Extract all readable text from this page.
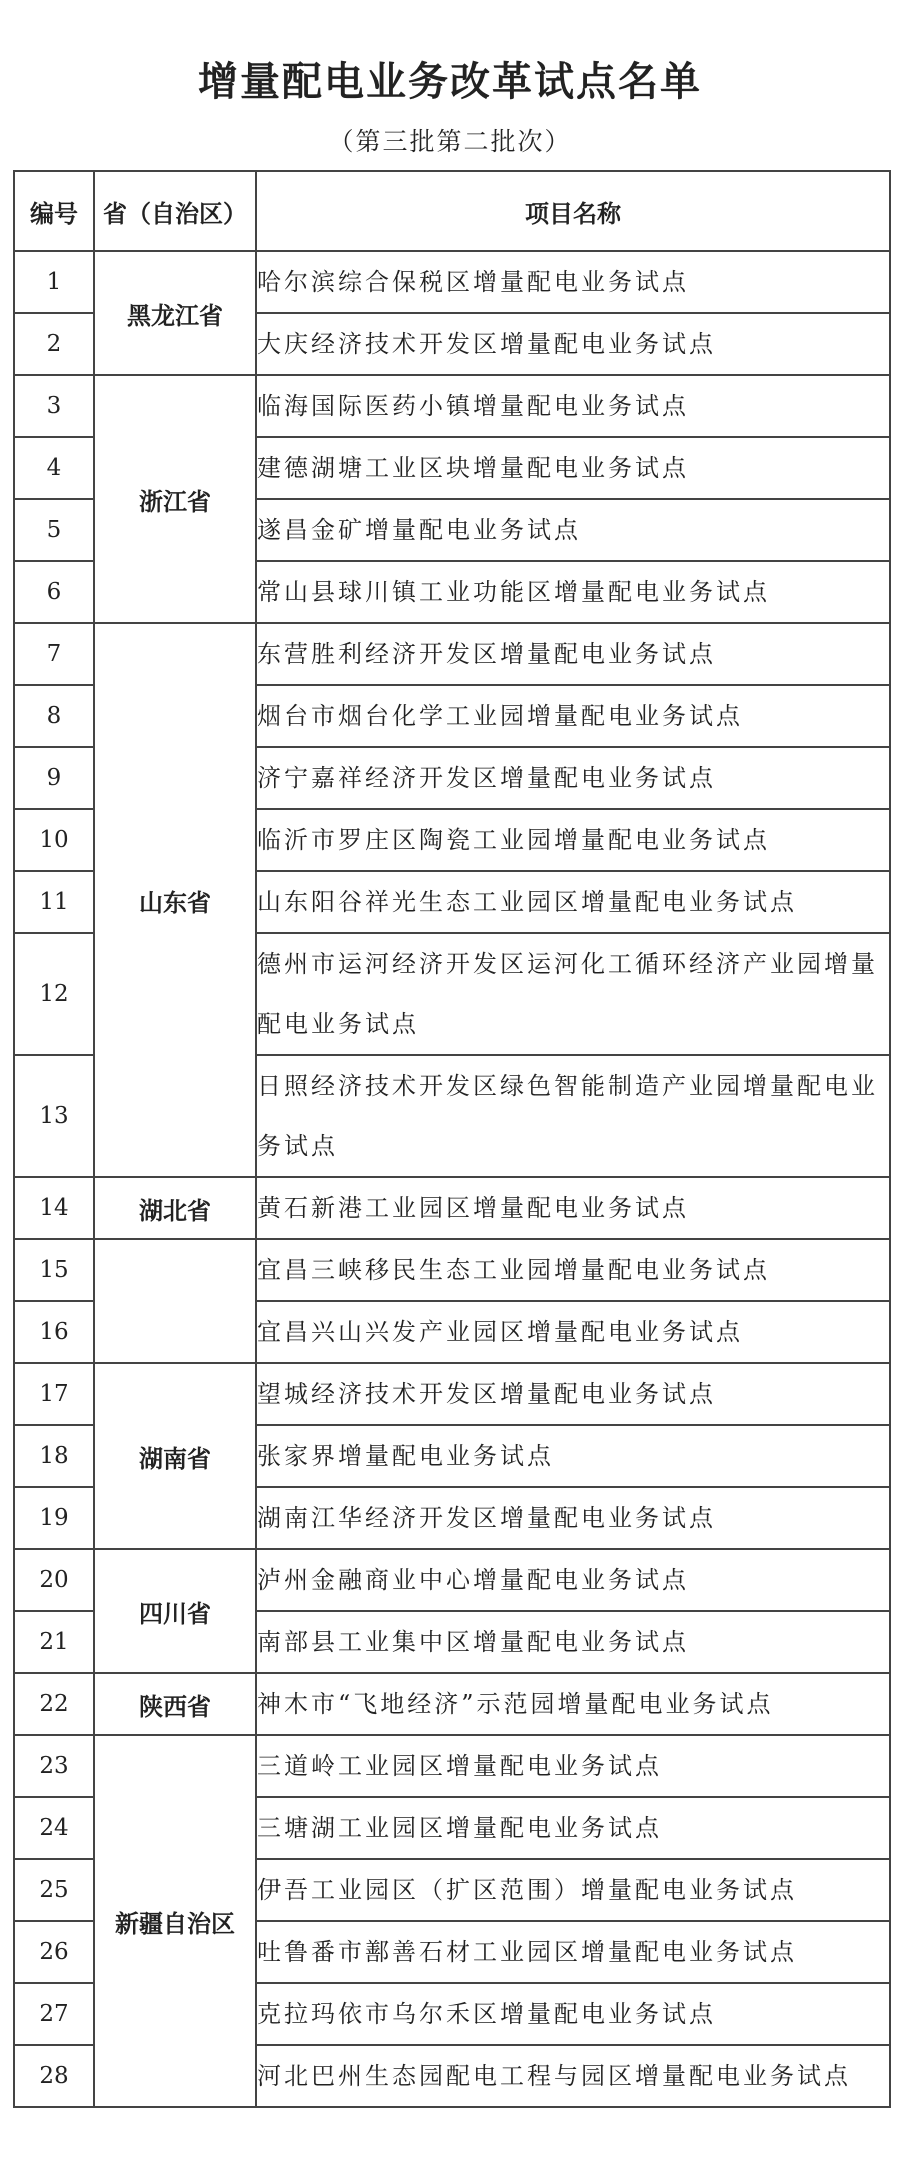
增量配电业务改革试点名单
（第三批第二批次）
编号	省（自治区）	项目名称
1	黑龙江省	哈尔滨综合保税区增量配电业务试点
2		大庆经济技术开发区增量配电业务试点
3	浙江省	临海国际医药小镇增量配电业务试点
4		建德湖塘工业区块增量配电业务试点
5		遂昌金矿增量配电业务试点
6		常山县球川镇工业功能区增量配电业务试点
7	山东省	东营胜利经济开发区增量配电业务试点
8		烟台市烟台化学工业园增量配电业务试点
9		济宁嘉祥经济开发区增量配电业务试点
10		临沂市罗庄区陶瓷工业园增量配电业务试点
11		山东阳谷祥光生态工业园区增量配电业务试点
12		德州市运河经济开发区运河化工循环经济产业园增量配电业务试点
13		日照经济技术开发区绿色智能制造产业园增量配电业务试点
14	湖北省	黄石新港工业园区增量配电业务试点
15		宜昌三峡移民生态工业园增量配电业务试点
16		宜昌兴山兴发产业园区增量配电业务试点
17	湖南省	望城经济技术开发区增量配电业务试点
18		张家界增量配电业务试点
19		湖南江华经济开发区增量配电业务试点
20	四川省	泸州金融商业中心增量配电业务试点
21		南部县工业集中区增量配电业务试点
22	陕西省	神木市“飞地经济”示范园增量配电业务试点
23	新疆自治区	三道岭工业园区增量配电业务试点
24		三塘湖工业园区增量配电业务试点
25		伊吾工业园区（扩区范围）增量配电业务试点
26		吐鲁番市鄯善石材工业园区增量配电业务试点
27		克拉玛依市乌尔禾区增量配电业务试点
28		河北巴州生态园配电工程与园区增量配电业务试点
